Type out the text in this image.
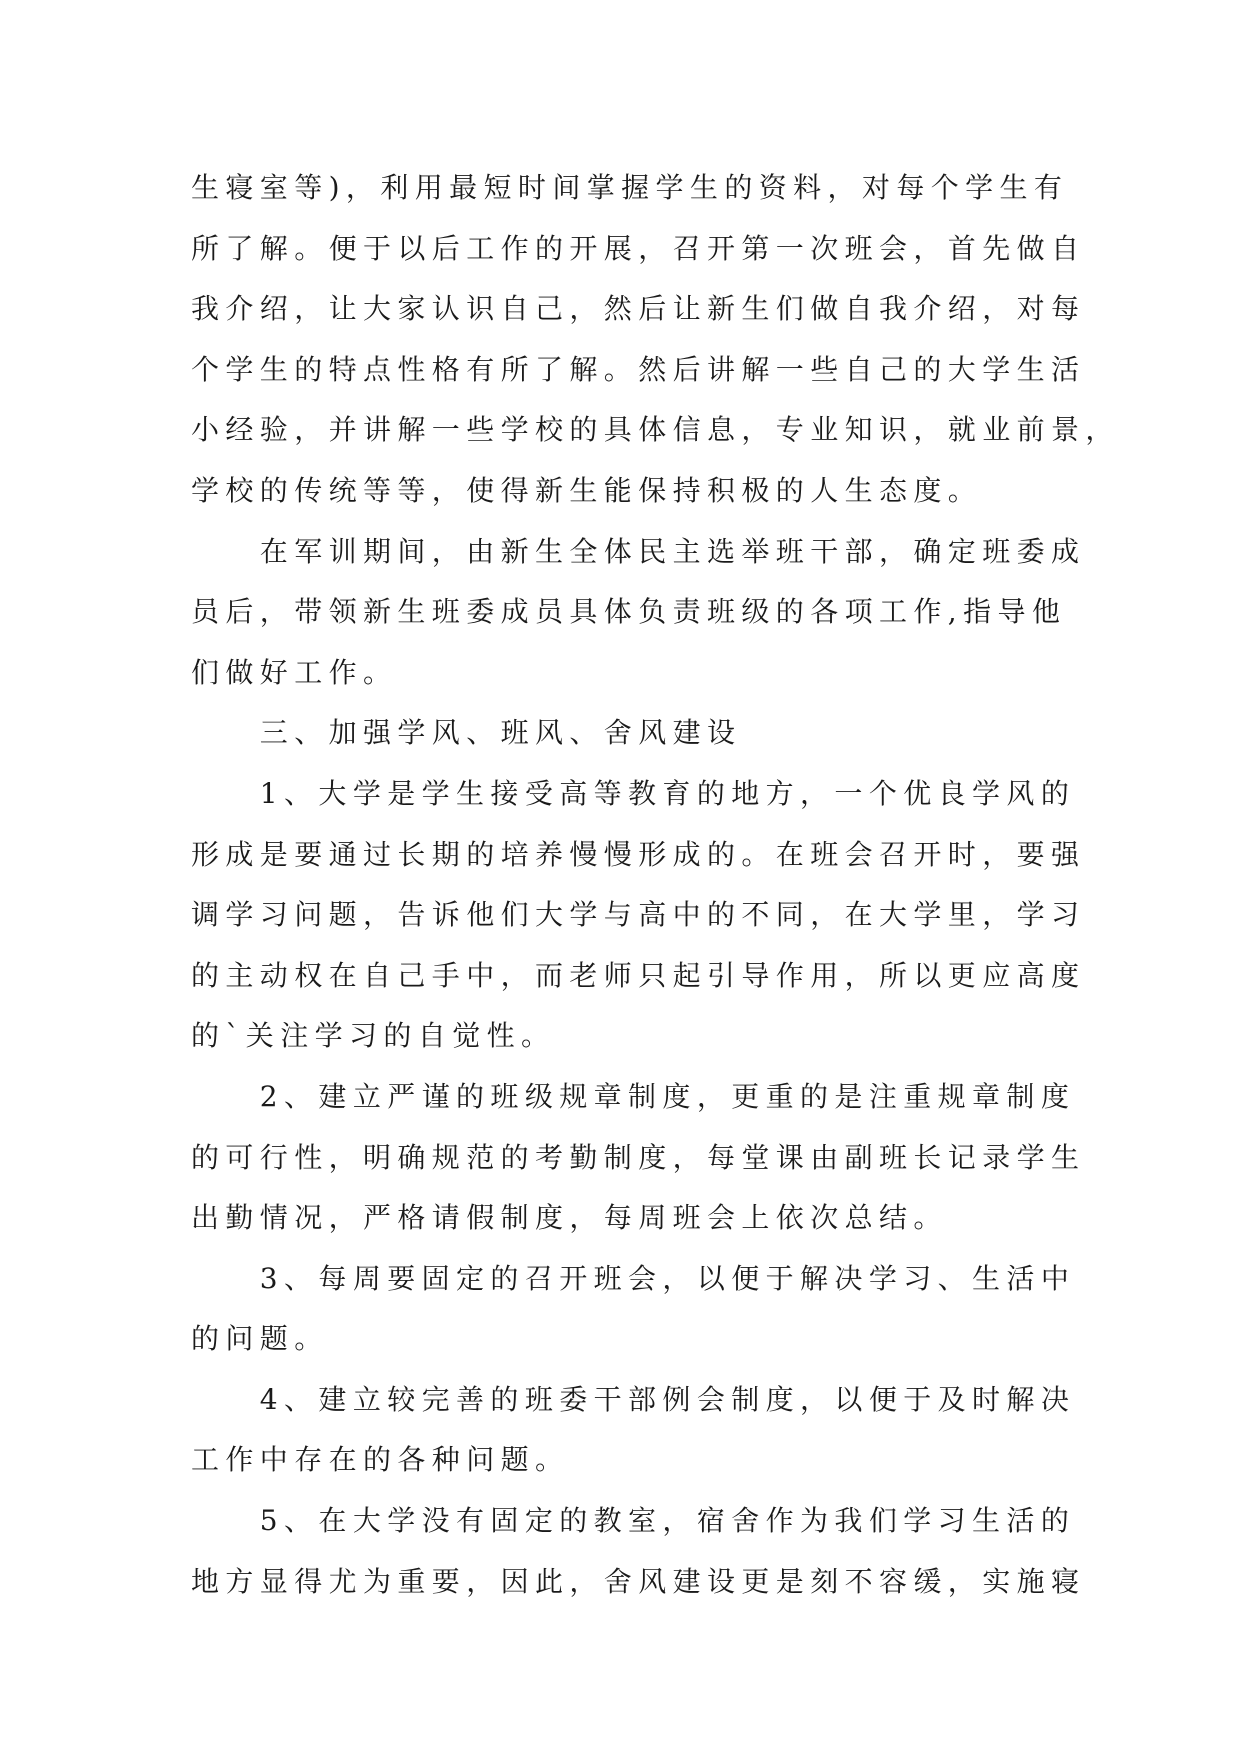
生寝室等)，利用最短时间掌握学生的资料，对每个学生有
所了解。便于以后工作的开展，召开第一次班会，首先做自
我介绍，让大家认识自己，然后让新生们做自我介绍，对每
个学生的特点性格有所了解。然后讲解一些自己的大学生活
小经验，并讲解一些学校的具体信息，专业知识，就业前景，
学校的传统等等，使得新生能保持积极的人生态度。
　　在军训期间，由新生全体民主选举班干部，确定班委成
员后，带领新生班委成员具体负责班级的各项工作,指导他
们做好工作。
　　三、加强学风、班风、舍风建设
　　1、大学是学生接受高等教育的地方，一个优良学风的
形成是要通过长期的培养慢慢形成的。在班会召开时，要强
调学习问题，告诉他们大学与高中的不同，在大学里，学习
的主动权在自己手中，而老师只起引导作用，所以更应高度
的`关注学习的自觉性。
　　2、建立严谨的班级规章制度，更重的是注重规章制度
的可行性，明确规范的考勤制度，每堂课由副班长记录学生
出勤情况，严格请假制度，每周班会上依次总结。
　　3、每周要固定的召开班会，以便于解决学习、生活中
的问题。
　　4、建立较完善的班委干部例会制度，以便于及时解决
工作中存在的各种问题。
　　5、在大学没有固定的教室，宿舍作为我们学习生活的
地方显得尤为重要，因此，舍风建设更是刻不容缓，实施寝
